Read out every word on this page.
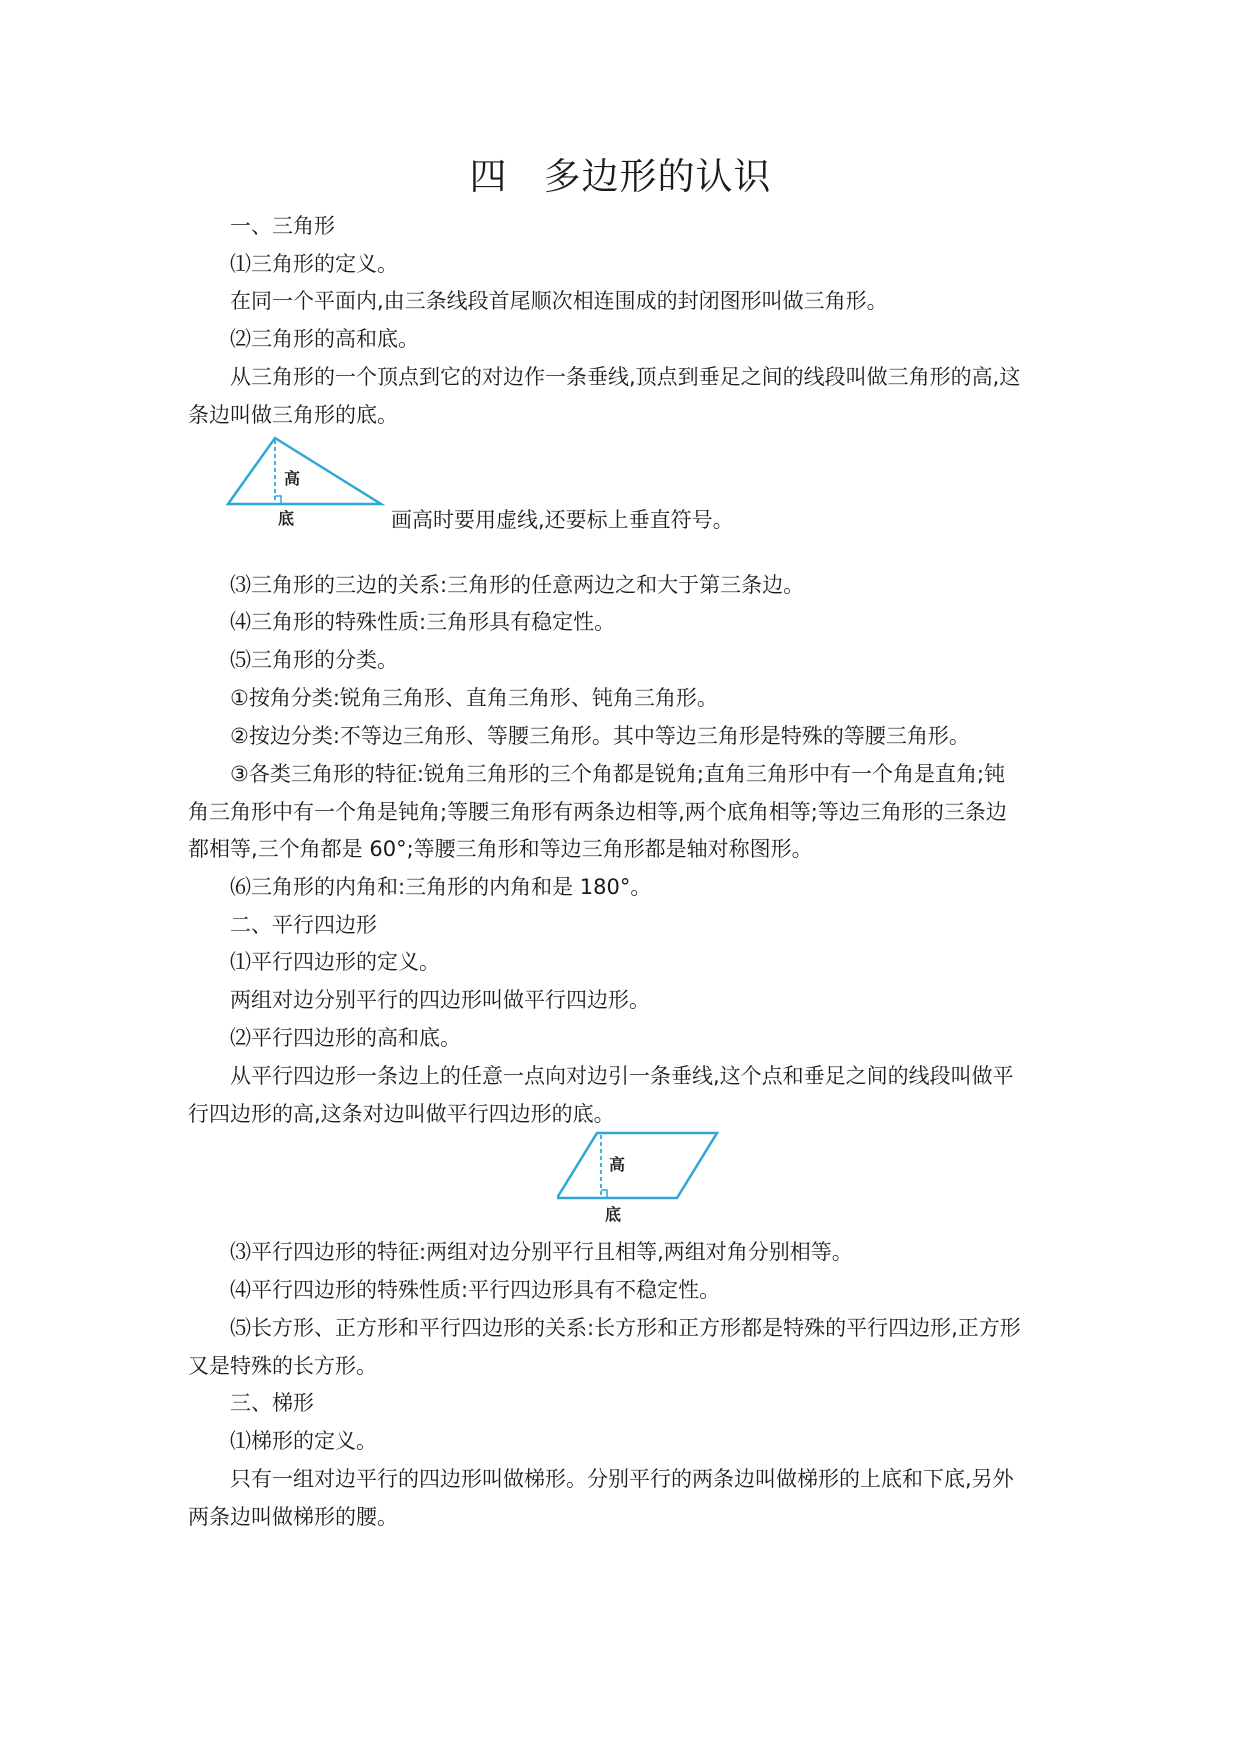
四 多边形的认识
一、三角形
⑴三角形的定义。
在同一个平面内,由三条线段首尾顺次相连围成的封闭图形叫做三角形。
⑵三角形的高和底。
从三角形的一个顶点到它的对边作一条垂线,顶点到垂足之间的线段叫做三角形的高,这
条边叫做三角形的底。
高
底	画高时要用虚线,还要标上垂直符号。
⑶三角形的三边的关系:三角形的任意两边之和大于第三条边。
⑷三角形的特殊性质:三角形具有稳定性。
⑸三角形的分类。
①按角分类:锐角三角形、直角三角形、钝角三角形。
②按边分类:不等边三角形、等腰三角形。其中等边三角形是特殊的等腰三角形。
③各类三角形的特征:锐角三角形的三个角都是锐角;直角三角形中有一个角是直角;钝
角三角形中有一个角是钝角;等腰三角形有两条边相等,两个底角相等;等边三角形的三条边
都相等,三个角都是 60°;等腰三角形和等边三角形都是轴对称图形。
⑹三角形的内角和:三角形的内角和是 180°。
二、平行四边形
⑴平行四边形的定义。
两组对边分别平行的四边形叫做平行四边形。
⑵平行四边形的高和底。
从平行四边形一条边上的任意一点向对边引一条垂线,这个点和垂足之间的线段叫做平
行四边形的高,这条对边叫做平行四边形的底。
高
底
⑶平行四边形的特征:两组对边分别平行且相等,两组对角分别相等。
⑷平行四边形的特殊性质:平行四边形具有不稳定性。
⑸长方形、正方形和平行四边形的关系:长方形和正方形都是特殊的平行四边形,正方形
又是特殊的长方形。
三、梯形
⑴梯形的定义。
只有一组对边平行的四边形叫做梯形。分别平行的两条边叫做梯形的上底和下底,另外
两条边叫做梯形的腰。
